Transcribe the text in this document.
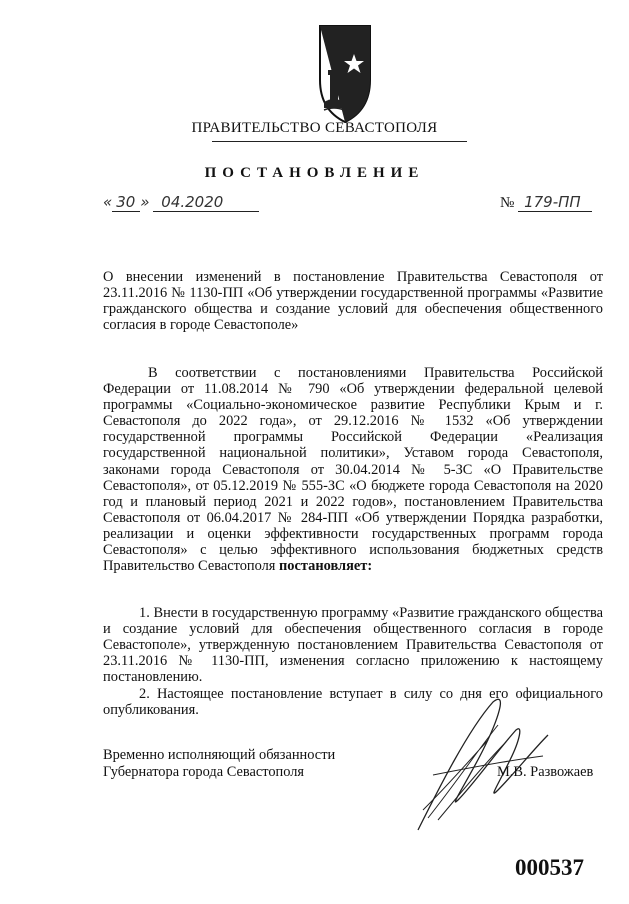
ПРАВИТЕЛЬСТВО СЕВАСТОПОЛЯ
ПОСТАНОВЛЕНИЕ
« 30 » 04.2020	№ 179-ПП
О внесении изменений в постановление Правительства Севастополя от 23.11.2016 № 1130-ПП «Об утверждении государственной программы «Развитие гражданского общества и создание условий для обеспечения общественного согласия в городе Севастополе»
В соответствии с постановлениями Правительства Российской Федерации от 11.08.2014 № 790 «Об утверждении федеральной целевой программы «Социально-экономическое развитие Республики Крым и г. Севастополя до 2022 года», от 29.12.2016 № 1532 «Об утверждении государственной программы Российской Федерации «Реализация государственной национальной политики», Уставом города Севастополя, законами города Севастополя от 30.04.2014 № 5-ЗС «О Правительстве Севастополя», от 05.12.2019 № 555-ЗС «О бюджете города Севастополя на 2020 год и плановый период 2021 и 2022 годов», постановлением Правительства Севастополя от 06.04.2017 № 284-ПП «Об утверждении Порядка разработки, реализации и оценки эффективности государственных программ города Севастополя» с целью эффективного использования бюджетных средств Правительство Севастополя постановляет:
1. Внести в государственную программу «Развитие гражданского общества и создание условий для обеспечения общественного согласия в городе Севастополе», утвержденную постановлением Правительства Севастополя от 23.11.2016 № 1130-ПП, изменения согласно приложению к настоящему постановлению.
2. Настоящее постановление вступает в силу со дня его официального опубликования.
Временно исполняющий обязанности
Губернатора города Севастополя	М.В. Развожаев
000537
